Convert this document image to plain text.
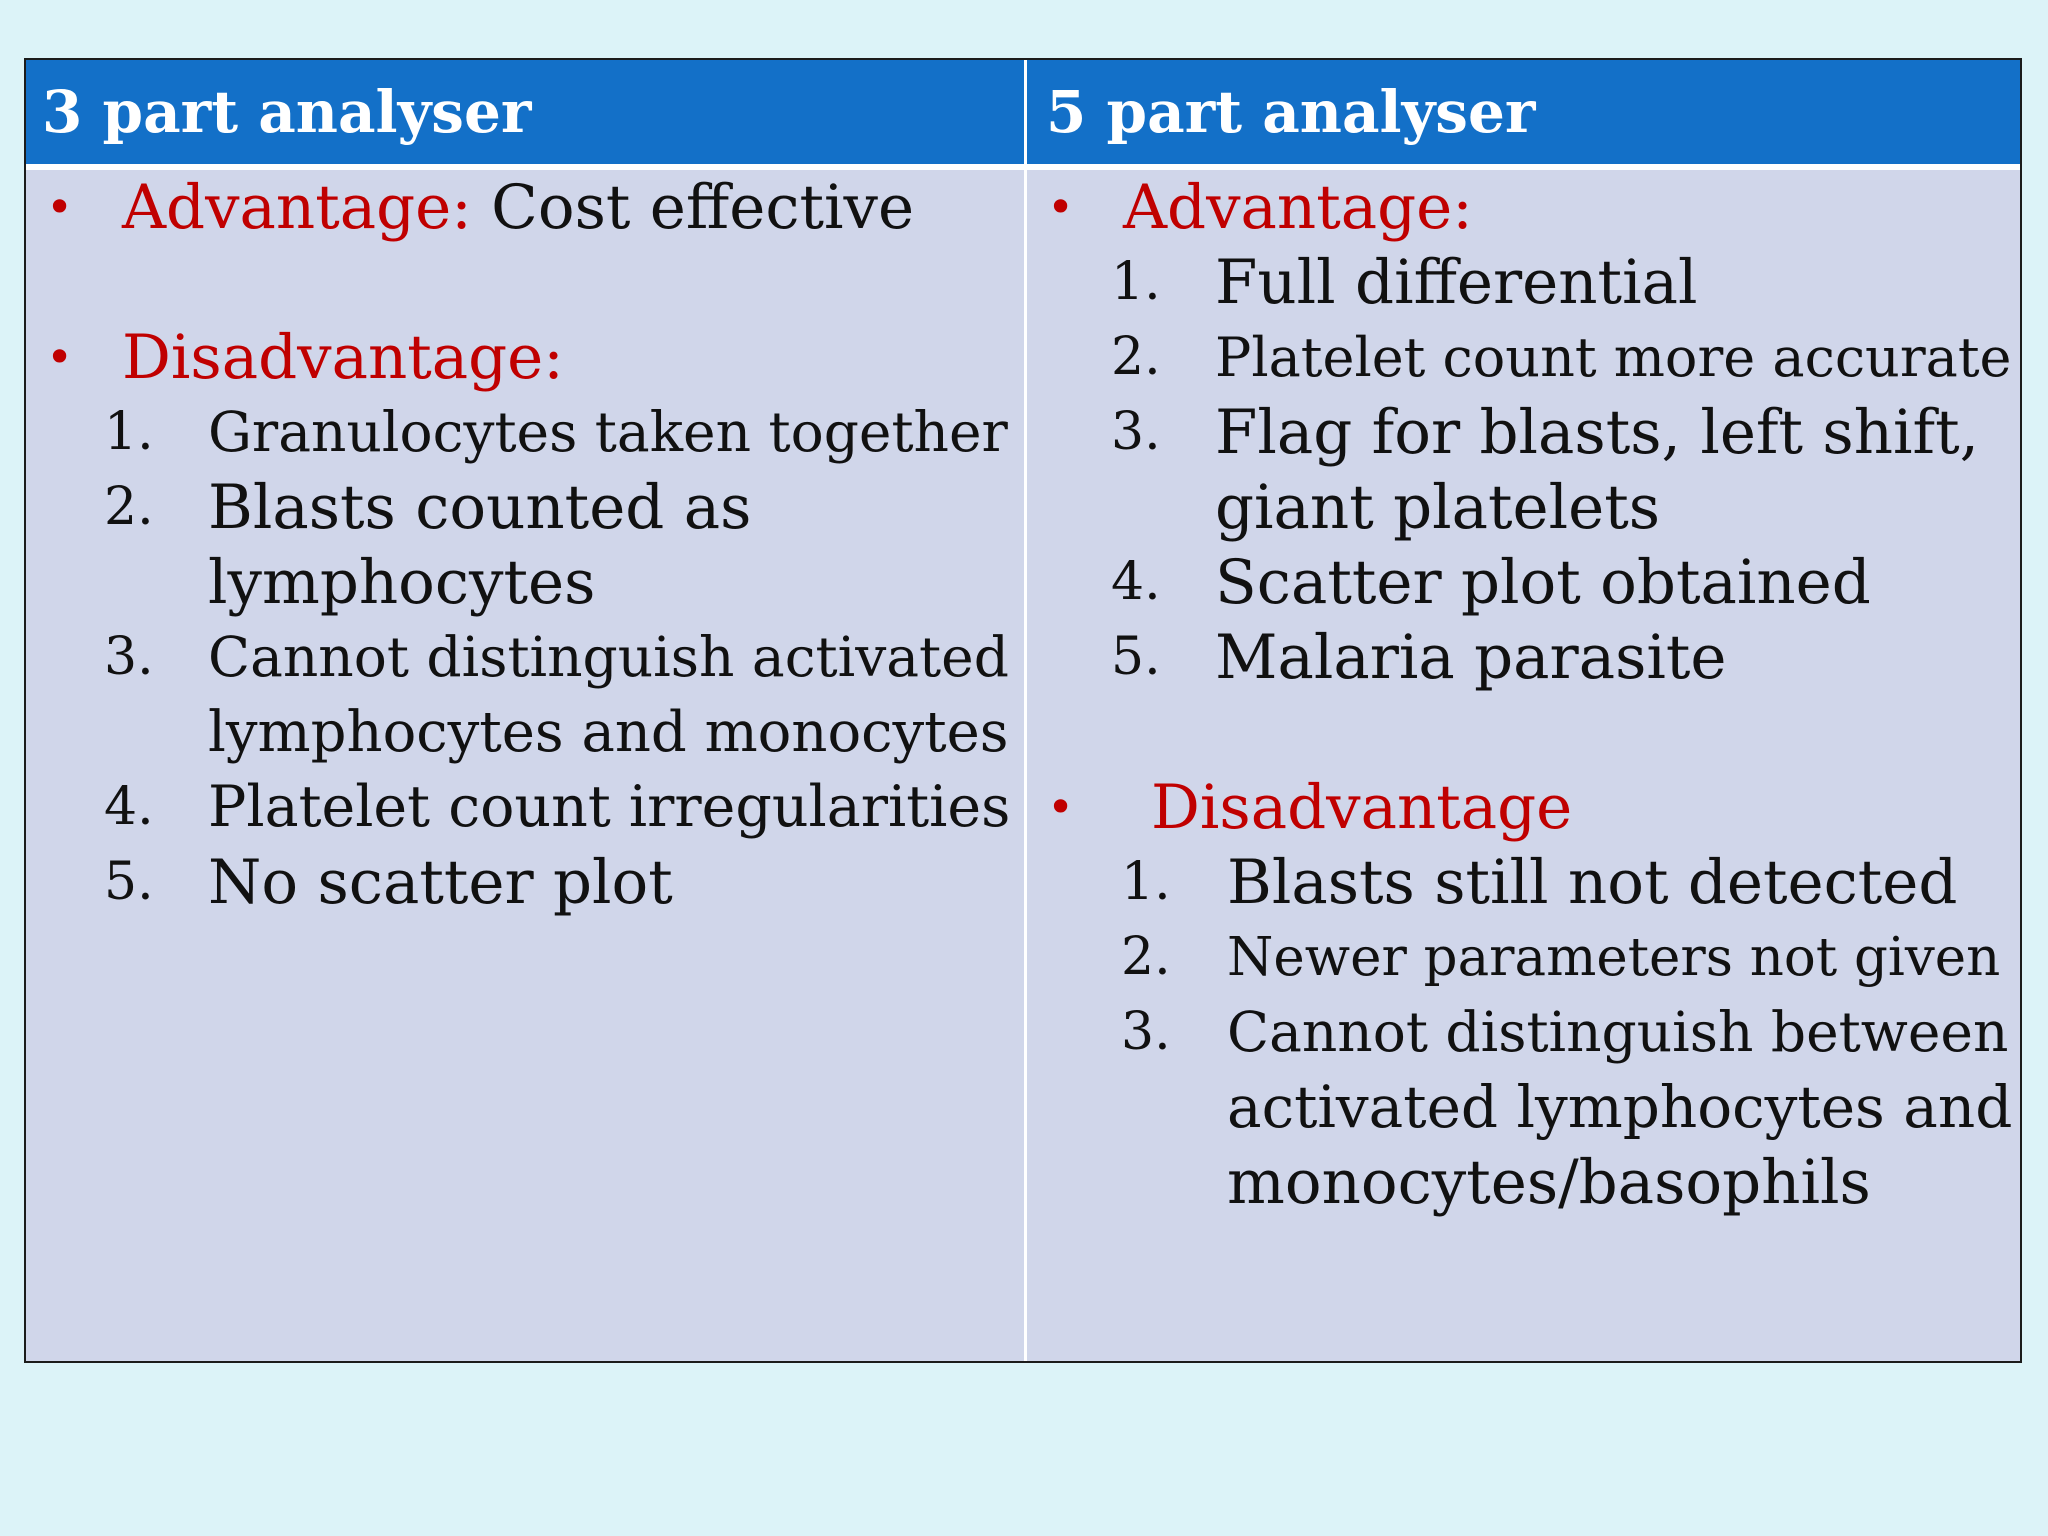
3 part analyser	5 part analyser
• Advantage: Cost effective
• Disadvantage:
1. Granulocytes taken together
2. Blasts counted as
lymphocytes
3. Cannot distinguish activated
lymphocytes and monocytes
4. Platelet count irregularities
5. No scatter plot
• Advantage:
1. Full differential
2. Platelet count more accurate
3. Flag for blasts, left shift,
giant platelets
4. Scatter plot obtained
5. Malaria parasite
• Disadvantage
1. Blasts still not detected
2. Newer parameters not given
3. Cannot distinguish between
activated lymphocytes and
monocytes/basophils
